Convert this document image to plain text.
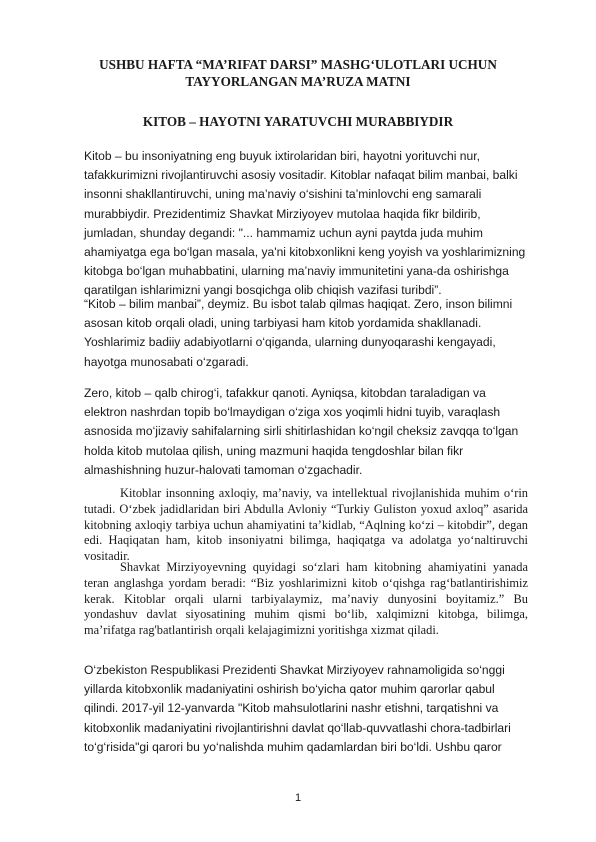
USHBU HAFTA “MA’RIFAT DARSI” MASHG‘ULOTLARI UCHUN TAYYORLANGAN MA’RUZA MATNI
KITOB – HAYOTNI YARATUVCHI MURABBIYDIR

Kitob – bu insoniyatning eng buyuk ixtirolaridan biri, hayotni yorituvchi nur, tafakkurimizni rivojlantiruvchi asosiy vositadir. Kitoblar nafaqat bilim manbai, balki insonni shakllantiruvchi, uning ma’naviy o‘sishini ta’minlovchi eng samarali murabbiydir. Prezidentimiz Shavkat Mirziyoyev mutolaa haqida fikr bildirib, jumladan, shunday degandi: "... hammamiz uchun ayni paytda juda muhim ahamiyatga ega bo‘lgan masala, ya'ni kitobxonlikni keng yoyish va yoshlarimizning kitobga bo‘lgan muhabbatini, ularning ma’naviy immunitetini yana-da oshirishga qaratilgan ishlarimizni yangi bosqichga olib chiqish vazifasi turibdi”.

“Kitob – bilim manbai”, deymiz. Bu isbot talab qilmas haqiqat. Zero, inson bilimni asosan kitob orqali oladi, uning tarbiyasi ham kitob yordamida shakllanadi. Yoshlarimiz badiiy adabiyotlarni o‘qiganda, ularning dunyoqarashi kengayadi, hayotga munosabati o‘zgaradi.

Zero, kitob – qalb chirog‘i, tafakkur qanoti. Ayniqsa, kitobdan taraladigan va elektron nashrdan topib bo‘lmaydigan o‘ziga xos yoqimli hidni tuyib, varaqlash asnosida mo‘jizaviy sahifalarning sirli shitirlashidan ko‘ngil cheksiz zavqqa to‘lgan holda kitob mutolaa qilish, uning mazmuni haqida tengdoshlar bilan fikr almashishning huzur-halovati tamoman o‘zgachadir.

Kitoblar insonning axloqiy, ma’naviy, va intellektual rivojlanishida muhim o‘rin tutadi. O‘zbek jadidlaridan biri Abdulla Avloniy “Turkiy Guliston yoxud axloq” asarida kitobning axloqiy tarbiya uchun ahamiyatini ta’kidlab, “Aqlning ko‘zi – kitobdir”, degan edi. Haqiqatan ham, kitob insoniyatni bilimga, haqiqatga va adolatga yo‘naltiruvchi vositadir.

Shavkat Mirziyoyevning quyidagi so‘zlari ham kitobning ahamiyatini yanada teran anglashga yordam beradi: “Biz yoshlarimizni kitob o‘qishga rag‘batlantirishimiz kerak. Kitoblar orqali ularni tarbiyalaymiz, ma’naviy dunyosini boyitamiz.” Bu yondashuv davlat siyosatining muhim qismi bo‘lib, xalqimizni kitobga, bilimga, ma’rifatga rag'batlantirish orqali kelajagimizni yoritishga xizmat qiladi.

O‘zbekiston Respublikasi Prezidenti Shavkat Mirziyoyev rahnamoligida so‘nggi yillarda kitobxonlik madaniyatini oshirish bo‘yicha qator muhim qarorlar qabul qilindi. 2017-yil 12-yanvarda "Kitob mahsulotlarini nashr etishni, tarqatishni va kitobxonlik madaniyatini rivojlantirishni davlat qo‘llab-quvvatlashi chora-tadbirlari to‘g‘risida"gi qarori bu yo‘nalishda muhim qadamlardan biri bo‘ldi. Ushbu qaror

1
